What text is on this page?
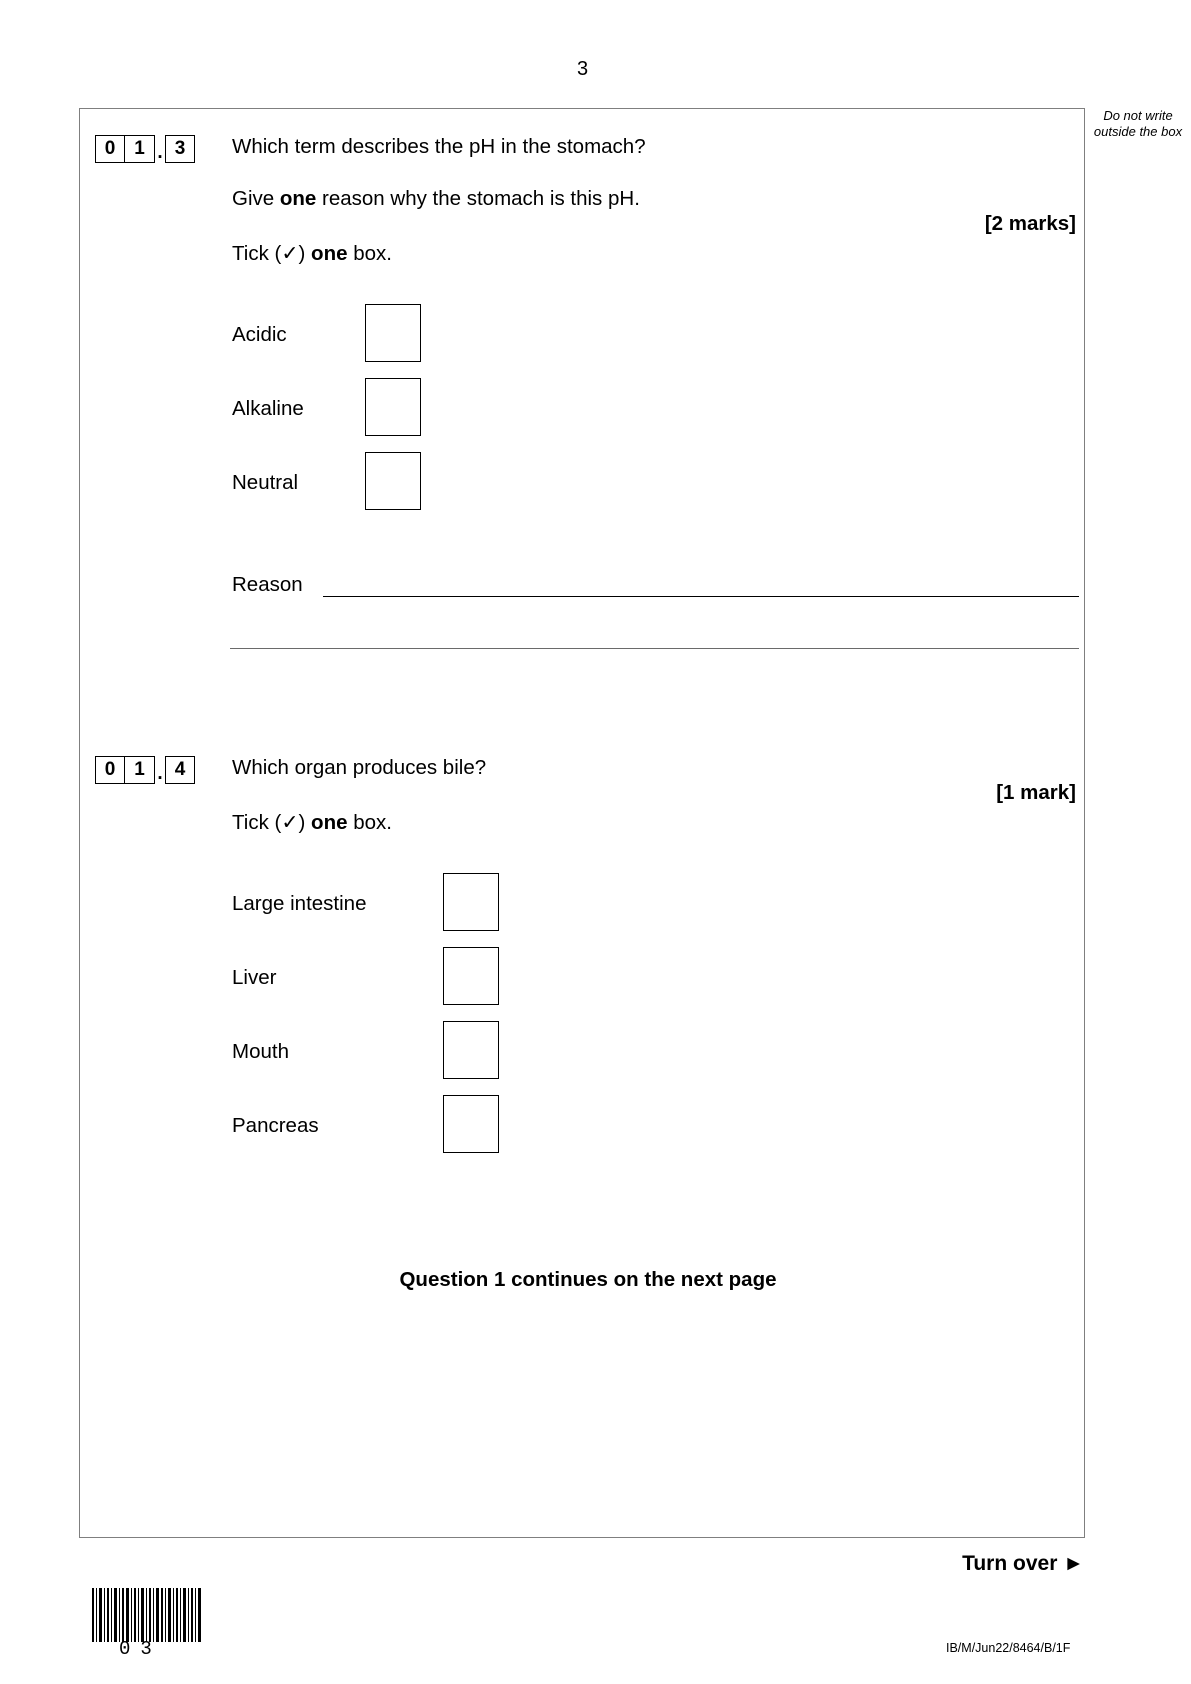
3
Do not write outside the box
0 1 . 3	Which term describes the pH in the stomach?
Give one reason why the stomach is this pH.
[2 marks]
Tick (✓) one box.
Acidic
Alkaline
Neutral
Reason
0 1 . 4	Which organ produces bile?
[1 mark]
Tick (✓) one box.
Large intestine
Liver
Mouth
Pancreas
Question 1 continues on the next page
Turn over ►
03	IB/M/Jun22/8464/B/1F
